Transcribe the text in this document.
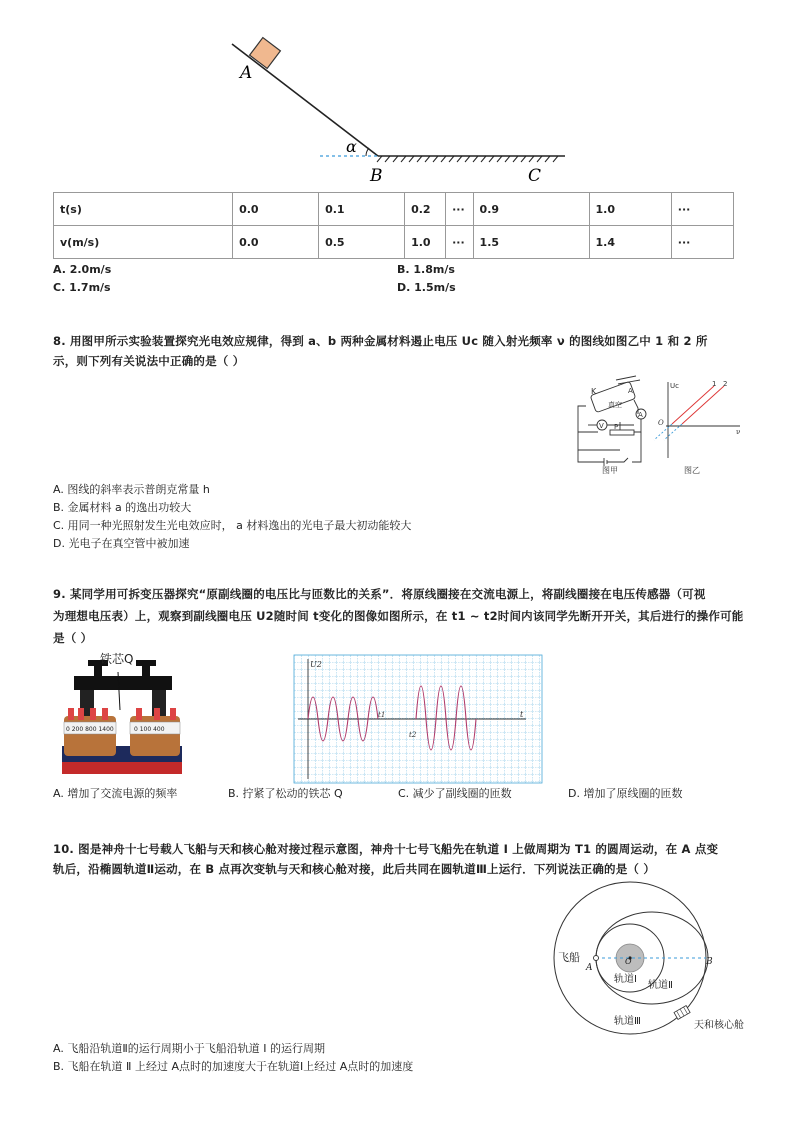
A
α
B	C
t(s)	0.0	0.1	0.2	···	0.9	1.0	···
v(m/s)	0.0	0.5	1.0	···	1.5	1.4	···
A. 2.0m/s	B. 1.8m/s
C. 1.7m/s	D. 1.5m/s
8. 用图甲所示实验装置探究光电效应规律，得到 a、b 两种金属材料遏止电压 Uc 随入射光频率 ν 的图线如图乙中 1 和 2 所
示，则下列有关说法中正确的是（ ）
K	A
真空
A
V P
图甲
Uc
O
ν
1 2
图乙
A. 图线的斜率表示普朗克常量 h
B. 金属材料 a 的逸出功较大
C. 用同一种光照射发生光电效应时， a 材料逸出的光电子最大初动能较大
D. 光电子在真空管中被加速
9. 某同学用可拆变压器探究“原副线圈的电压比与匝数比的关系”．将原线圈接在交流电源上，将副线圈接在电压传感器（可视
为理想电压表）上，观察到副线圈电压 U2随时间 t变化的图像如图所示，在 t1 ~ t2时间内该同学先断开开关，其后进行的操作可能
是（ ）
0 200 800 1400	0 100 400
铁芯Q	U2
t
t1
t2
A. 增加了交流电源的频率	B. 拧紧了松动的铁芯 Q	C. 减少了副线圈的匝数	D. 增加了原线圈的匝数
10. 图是神舟十七号载人飞船与天和核心舱对接过程示意图，神舟十七号飞船先在轨道 Ⅰ 上做周期为 T1 的圆周运动，在 A 点变
轨后，沿椭圆轨道Ⅱ运动，在 B 点再次变轨与天和核心舱对接，此后共同在圆轨道Ⅲ上运行．下列说法正确的是（ ）
飞船
A
B
O
轨道Ⅰ
轨道Ⅱ
轨道Ⅲ	天和核心舱
A. 飞船沿轨道Ⅱ的运行周期小于飞船沿轨道 Ⅰ 的运行周期
B. 飞船在轨道 Ⅱ 上经过 A点时的加速度大于在轨道Ⅰ上经过 A点时的加速度
